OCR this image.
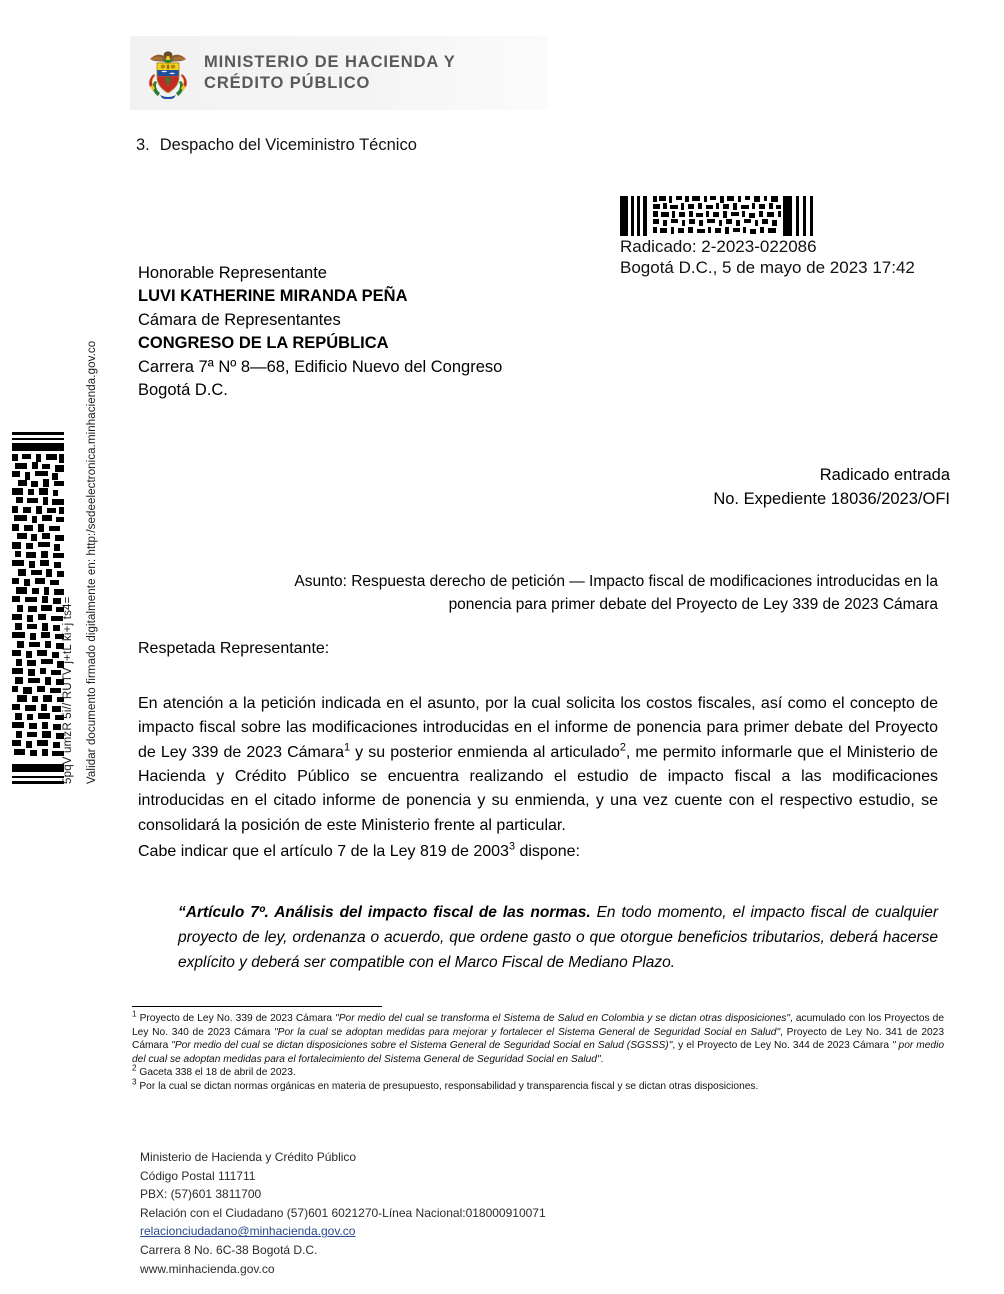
5pqV umzR 5i// RUTV j+tL ki+j ts4= Validar documento firmado digitalmente en: http:/sedeelectronica.minhacienda.gov.co
MINISTERIO DE HACIENDA Y
CRÉDITO PÚBLICO
3. Despacho del Viceministro Técnico
Radicado: 2-2023-022086
Bogotá D.C., 5 de mayo de 2023 17:42
Honorable Representante
LUVI KATHERINE MIRANDA PEÑA
Cámara de Representantes
CONGRESO DE LA REPÚBLICA
Carrera 7ª Nº 8—68, Edificio Nuevo del Congreso
Bogotá D.C.
Radicado entrada
No. Expediente 18036/2023/OFI
Asunto: Respuesta derecho de petición — Impacto fiscal de modificaciones introducidas en la
ponencia para primer debate del Proyecto de Ley 339 de 2023 Cámara
Respetada Representante:
En atención a la petición indicada en el asunto, por la cual solicita los costos fiscales, así como el concepto de impacto fiscal sobre las modificaciones introducidas en el informe de ponencia para primer debate del Proyecto de Ley 339 de 2023 Cámara$^1$ y su posterior enmienda al articulado$^2$, me permito informarle que el Ministerio de Hacienda y Crédito Público se encuentra realizando el estudio de impacto fiscal a las modificaciones introducidas en el citado informe de ponencia y su enmienda, y una vez cuente con el respectivo estudio, se consolidará la posición de este Ministerio frente al particular.
Cabe indicar que el artículo 7 de la Ley 819 de 2003$^3$ dispone:
“Artículo 7º. Análisis del impacto fiscal de las normas. En todo momento, el impacto fiscal de cualquier proyecto de ley, ordenanza o acuerdo, que ordene gasto o que otorgue beneficios tributarios, deberá hacerse explícito y deberá ser compatible con el Marco Fiscal de Mediano Plazo.

$^1$ Proyecto de Ley No. 339 de 2023 Cámara "Por medio del cual se transforma el Sistema de Salud en Colombia y se dictan otras disposiciones", acumulado con los Proyectos de Ley No. 340 de 2023 Cámara "Por la cual se adoptan medidas para mejorar y fortalecer el Sistema General de Seguridad Social en Salud", Proyecto de Ley No. 341 de 2023 Cámara "Por medio del cual se dictan disposiciones sobre el Sistema General de Seguridad Social en Salud (SGSSS)", y el Proyecto de Ley No. 344 de 2023 Cámara " por medio del cual se adoptan medidas para el fortalecimiento del Sistema General de Seguridad Social en Salud".

$^2$ Gaceta 338 el 18 de abril de 2023.

$^3$ Por la cual se dictan normas orgánicas en materia de presupuesto, responsabilidad y transparencia fiscal y se dictan otras disposiciones.

Ministerio de Hacienda y Crédito Público
Código Postal 111711
PBX: (57)601 3811700
Relación con el Ciudadano (57)601 6021270-Línea Nacional:018000910071
relacionciudadano@minhacienda.gov.co
Carrera 8 No. 6C-38 Bogotá D.C.
www.minhacienda.gov.co
